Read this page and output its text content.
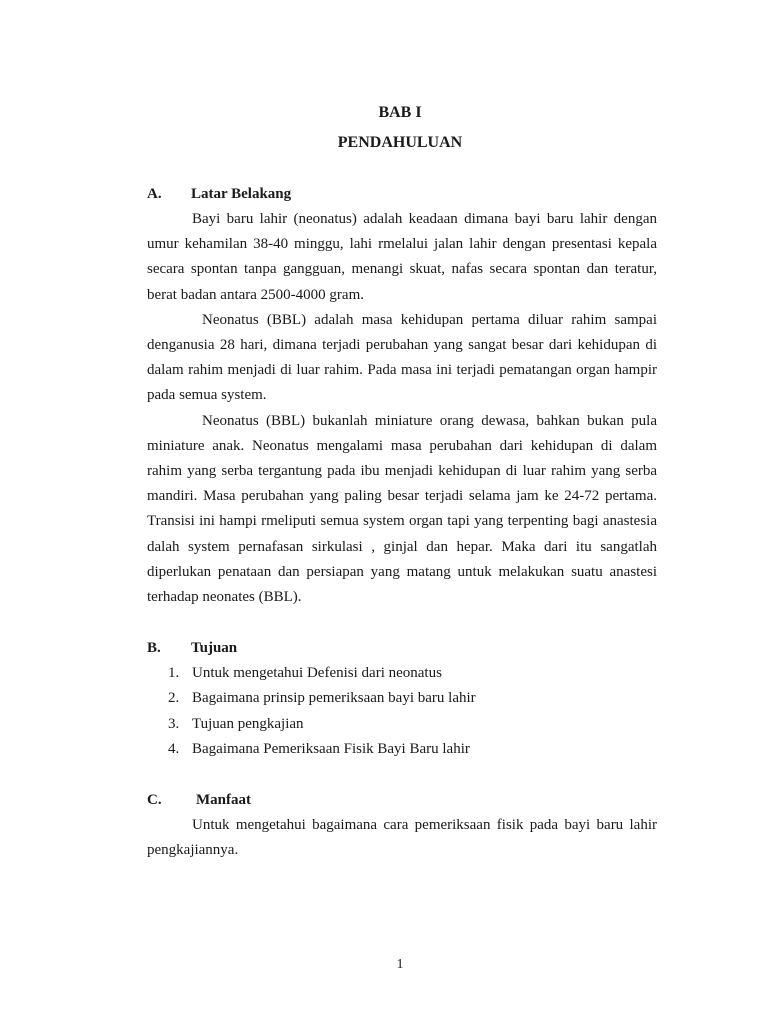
BAB I
PENDAHULUAN
A. Latar Belakang

Bayi baru lahir (neonatus) adalah keadaan dimana bayi baru lahir dengan umur kehamilan 38-40 minggu, lahi rmelalui jalan lahir dengan presentasi kepala secara spontan tanpa gangguan, menangi skuat, nafas secara spontan dan teratur, berat badan antara 2500-4000 gram.

Neonatus (BBL) adalah masa kehidupan pertama diluar rahim sampai denganusia 28 hari, dimana terjadi perubahan yang sangat besar dari kehidupan di dalam rahim menjadi di luar rahim. Pada masa ini terjadi pematangan organ hampir pada semua system.

Neonatus (BBL) bukanlah miniature orang dewasa, bahkan bukan pula miniature anak. Neonatus mengalami masa perubahan dari kehidupan di dalam rahim yang serba tergantung pada ibu menjadi kehidupan di luar rahim yang serba mandiri. Masa perubahan yang paling besar terjadi selama jam ke 24-72 pertama. Transisi ini hampi rmeliputi semua system organ tapi yang terpenting bagi anastesia dalah system pernafasan sirkulasi , ginjal dan hepar. Maka dari itu sangatlah diperlukan penataan dan persiapan yang matang untuk melakukan suatu anastesi terhadap neonates (BBL).

B. Tujuan
1. Untuk mengetahui Defenisi dari neonatus
2. Bagaimana prinsip pemeriksaan bayi baru lahir
3. Tujuan pengkajian
4. Bagaimana Pemeriksaan Fisik Bayi Baru lahir
C. Manfaat

Untuk mengetahui bagaimana cara pemeriksaan fisik pada bayi baru lahir pengkajiannya.

1
